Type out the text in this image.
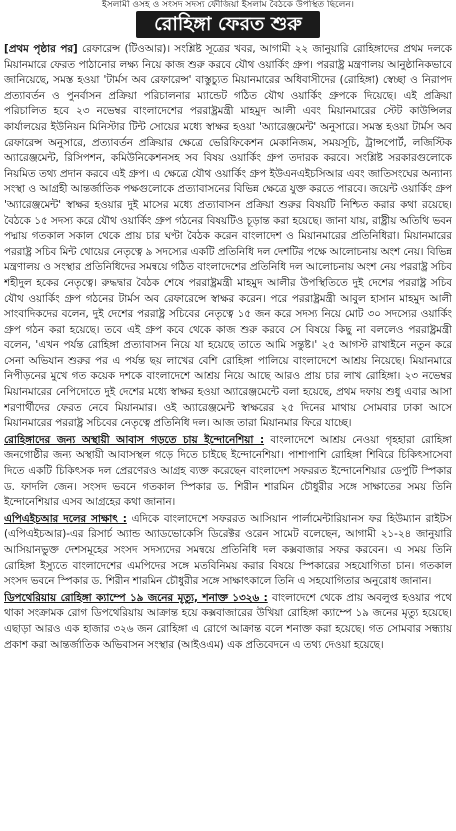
ইসলামী ওসহ ও সংসদ সদস্য ফৌজিয়া ইসলাম বৈঠকে উপস্থিত ছিলেন।
রোহিঙ্গা ফেরত শুরু

[প্রথম পৃষ্ঠার পর] রেফারেন্স (টিওআর)। সংশ্লিষ্ট সূত্রের খবর, আগামী ২২ জানুয়ারি রোহিঙ্গাদের প্রথম দলকে মিয়ানমারে ফেরত পাঠানোর লক্ষ্য নিয়ে কাজ শুরু করবে যৌথ ওয়ার্কিং গ্রুপ। পররাষ্ট্র মন্ত্রণালয় আনুষ্ঠানিকভাবে জানিয়েছে, সমস্ত হওয়া 'টার্মস অব রেফারেন্স' বাস্তুচ্যুত মিয়ানমারের অধিবাসীদের (রোহিঙ্গা) স্বেচ্ছা ও নিরাপদ প্রত্যাবর্তন ও পুনর্বাসন প্রক্রিয়া পরিচালনার ম্যান্ডেট গঠিত যৌথ ওয়ার্কিং গ্রুপকে দিয়েছে। এই প্রক্রিয়া পরিচালিত হবে ২৩ নভেম্বর বাংলাদেশের পররাষ্ট্রমন্ত্রী মাহমুদ আলী এবং মিয়ানমারের স্টেট কাউন্সিলর কার্যালয়ের ইউনিয়ন মিনিস্টার টিন্ট সোয়ের মধ্যে স্বাক্ষর হওয়া 'অ্যারেঞ্জমেন্ট' অনুসারে। সমস্ত হওয়া টার্মস অব রেফারেন্স অনুসারে, প্রত্যাবর্তন প্রক্রিয়ার ক্ষেত্রে ভেরিফিকেশন মেকানিজম, সময়সূচি, ট্রান্সপোর্ট, লজিস্টিক অ্যারেঞ্জমেন্ট, রিসিপশন, কমিউনিকেশনসহ সব বিষয় ওয়ার্কিং গ্রুপ তদারক করবে। সংশ্লিষ্ট সরকারগুলোকে নিয়মিত তথ্য প্রদান করবে এই গ্রুপ। এ ক্ষেত্রে যৌথ ওয়ার্কিং গ্রুপ ইউএনএইচসিআর এবং জাতিসংঘের অন্যান্য সংস্থা ও আগ্রহী আন্তর্জাতিক পক্ষগুলোকে প্রত্যাবাসনের বিভিন্ন ক্ষেত্রে যুক্ত করতে পারবে। জয়েন্ট ওয়ার্কিং গ্রুপ 'অ্যারেঞ্জমেন্ট' স্বাক্ষর হওয়ার দুই মাসের মধ্যে প্রত্যাবাসন প্রক্রিয়া শুরুর বিষয়টি নিশ্চিত করার কথা রয়েছে। বৈঠকে ১৫ সদস্য করে যৌথ ওয়ার্কিং গ্রুপ গঠনের বিষয়টিও চূড়ান্ত করা হয়েছে। জানা যায়, রাষ্ট্রীয় অতিথি ভবন পদ্মায় গতকাল সকাল থেকে প্রায় চার ঘণ্টা বৈঠক করেন বাংলাদেশ ও মিয়ানমারের প্রতিনিধিরা। মিয়ানমারের পররাষ্ট্র সচিব মিন্ট থোয়ের নেতৃত্বে ৯ সদস্যের একটি প্রতিনিধি দল দেশটির পক্ষে আলোচনায় অংশ নেয়। বিভিন্ন মন্ত্রণালয় ও সংস্থার প্রতিনিধিদের সমন্বয়ে গঠিত বাংলাদেশের প্রতিনিধি দল আলোচনায় অংশ নেয় পররাষ্ট্র সচিব শহীদুল হকের নেতৃত্বে। রুদ্ধদ্বার বৈঠক শেষে পররাষ্ট্রমন্ত্রী মাহমুদ আলীর উপস্থিতিতে দুই দেশের পররাষ্ট্র সচিব যৌথ ওয়ার্কিং গ্রুপ গঠনের টার্মস অব রেফারেন্সে স্বাক্ষর করেন। পরে পররাষ্ট্রমন্ত্রী আবুল হাসান মাহমুদ আলী সাংবাদিকদের বলেন, দুই দেশের পররাষ্ট্র সচিবের নেতৃত্বে ১৫ জন করে সদস্য নিয়ে মোট ৩০ সদস্যের ওয়ার্কিং গ্রুপ গঠন করা হয়েছে। তবে এই গ্রুপ কবে থেকে কাজ শুরু করবে সে বিষয়ে কিছু না বললেও পররাষ্ট্রমন্ত্রী বলেন, 'এখন পর্যন্ত রোহিঙ্গা প্রত্যাবাসন নিয়ে যা হয়েছে তাতে আমি সন্তুষ্ট।' ২৫ আগস্ট রাখাইনে নতুন করে সেনা অভিযান শুরুর পর এ পর্যন্ত ছয় লাখের বেশি রোহিঙ্গা পালিয়ে বাংলাদেশে আশ্রয় নিয়েছে। মিয়ানমারে নিপীড়নের মুখে গত কয়েক দশকে বাংলাদেশে আশ্রয় নিয়ে আছে আরও প্রায় চার লাখ রোহিঙ্গা। ২৩ নভেম্বর মিয়ানমারের নেপিদোতে দুই দেশের মধ্যে স্বাক্ষর হওয়া অ্যারেঞ্জমেন্টে বলা হয়েছে, প্রথম দফায় শুধু এবার আসা শরণার্থীদের ফেরত নেবে মিয়ানমার। ওই অ্যারেঞ্জমেন্ট স্বাক্ষরের ২৫ দিনের মাথায় সোমবার ঢাকা আসে মিয়ানমারের পররাষ্ট্র সচিবের নেতৃত্বে প্রতিনিধি দল। আজ তারা মিয়ানমার ফিরে যাচ্ছে।

রোহিঙ্গাদের জন্য অস্থায়ী আবাস গড়তে চায় ইন্দোনেশিয়া : বাংলাদেশে আশ্রয় নেওয়া গৃহহারা রোহিঙ্গা জনগোষ্ঠীর জন্য অস্থায়ী আবাসস্থল গড়ে দিতে চাইছে ইন্দোনেশিয়া। পাশাপাশি রোহিঙ্গা শিবিরে চিকিৎসাসেবা দিতে একটি চিকিৎসক দল প্রেরণেরও আগ্রহ ব্যক্ত করেছেন বাংলাদেশ সফররত ইন্দোনেশিয়ার ডেপুটি স্পিকার ড. ফাদলি জেন। সংসদ ভবনে গতকাল স্পিকার ড. শিরীন শারমিন চৌধুরীর সঙ্গে সাক্ষাতের সময় তিনি ইন্দোনেশিয়ার এসব আগ্রহের কথা জানান।

এপিএইচআর দলের সাক্ষাৎ : এদিকে বাংলাদেশে সফররত আসিয়ান পার্লামেন্টারিয়ানস ফর হিউম্যান রাইটস (এপিএইচআর)-এর রিসার্চ অ্যান্ড অ্যাডভোকেসি ডিরেক্টর ওরেন সামেট বলেছেন, আগামী ২১-২৪ জানুয়ারি আসিয়ানভুক্ত দেশসমূহের সংসদ সদস্যদের সমন্বয়ে প্রতিনিধি দল কক্সবাজার সফর করবেন। এ সময় তিনি রোহিঙ্গা ইস্যুতে বাংলাদেশের এমপিদের সঙ্গে মতবিনিময় করার বিষয়ে স্পিকারের সহযোগিতা চান। গতকাল সংসদ ভবনে স্পিকার ড. শিরীন শারমিন চৌধুরীর সঙ্গে সাক্ষাৎকালে তিনি এ সহযোগিতার অনুরোধ জানান।

ডিপথেরিয়ায় রোহিঙ্গা ক্যাম্পে ১৯ জনের মৃত্যু, শনাক্ত ১৩২৬ : বাংলাদেশে থেকে প্রায় অবলুপ্ত হওয়ার পথে থাকা সংক্রামক রোগ ডিপথেরিয়ায় আক্রান্ত হয়ে কক্সবাজারের উখিয়া রোহিঙ্গা ক্যাম্পে ১৯ জনের মৃত্যু হয়েছে। এছাড়া আরও এক হাজার ৩২৬ জন রোহিঙ্গা এ রোগে আক্রান্ত বলে শনাক্ত করা হয়েছে। গত সোমবার সন্ধ্যায় প্রকাশ করা আন্তর্জাতিক অভিবাসন সংস্থার (আইওএম) এক প্রতিবেদনে এ তথ্য দেওয়া হয়েছে।
